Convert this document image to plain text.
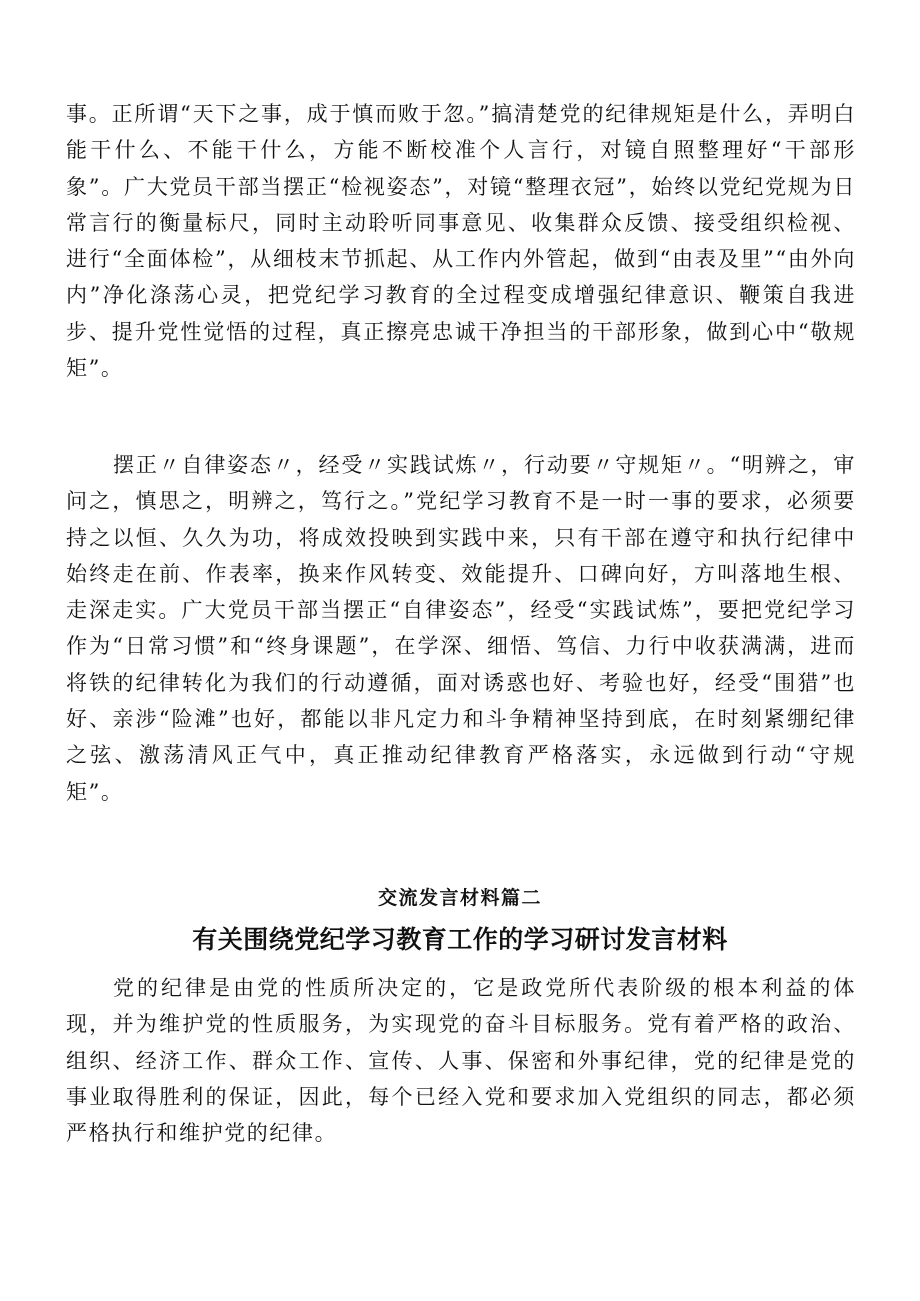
事。正所谓“天下之事，成于慎而败于忽。”搞清楚党的纪律规矩是什么，弄明白能干什么、不能干什么，方能不断校准个人言行，对镜自照整理好“干部形象”。广大党员干部当摆正“检视姿态”，对镜“整理衣冠”，始终以党纪党规为日常言行的衡量标尺，同时主动聆听同事意见、收集群众反馈、接受组织检视、进行“全面体检”，从细枝末节抓起、从工作内外管起，做到“由表及里”“由外向内”净化涤荡心灵，把党纪学习教育的全过程变成增强纪律意识、鞭策自我进步、提升党性觉悟的过程，真正擦亮忠诚干净担当的干部形象，做到心中“敬规矩”。

摆正〃自律姿态〃，经受〃实践试炼〃，行动要〃守规矩〃。“明辨之，审问之，慎思之，明辨之，笃行之。”党纪学习教育不是一时一事的要求，必须要持之以恒、久久为功，将成效投映到实践中来，只有干部在遵守和执行纪律中始终走在前、作表率，换来作风转变、效能提升、口碑向好，方叫落地生根、走深走实。广大党员干部当摆正“自律姿态”，经受“实践试炼”，要把党纪学习作为“日常习惯”和“终身课题”，在学深、细悟、笃信、力行中收获满满，进而将铁的纪律转化为我们的行动遵循，面对诱惑也好、考验也好，经受“围猎”也好、亲涉“险滩”也好，都能以非凡定力和斗争精神坚持到底，在时刻紧绷纪律之弦、激荡清风正气中，真正推动纪律教育严格落实，永远做到行动“守规矩”。

交流发言材料篇二
有关围绕党纪学习教育工作的学习研讨发言材料

党的纪律是由党的性质所决定的，它是政党所代表阶级的根本利益的体现，并为维护党的性质服务，为实现党的奋斗目标服务。党有着严格的政治、组织、经济工作、群众工作、宣传、人事、保密和外事纪律，党的纪律是党的事业取得胜利的保证，因此，每个已经入党和要求加入党组织的同志，都必须严格执行和维护党的纪律。
